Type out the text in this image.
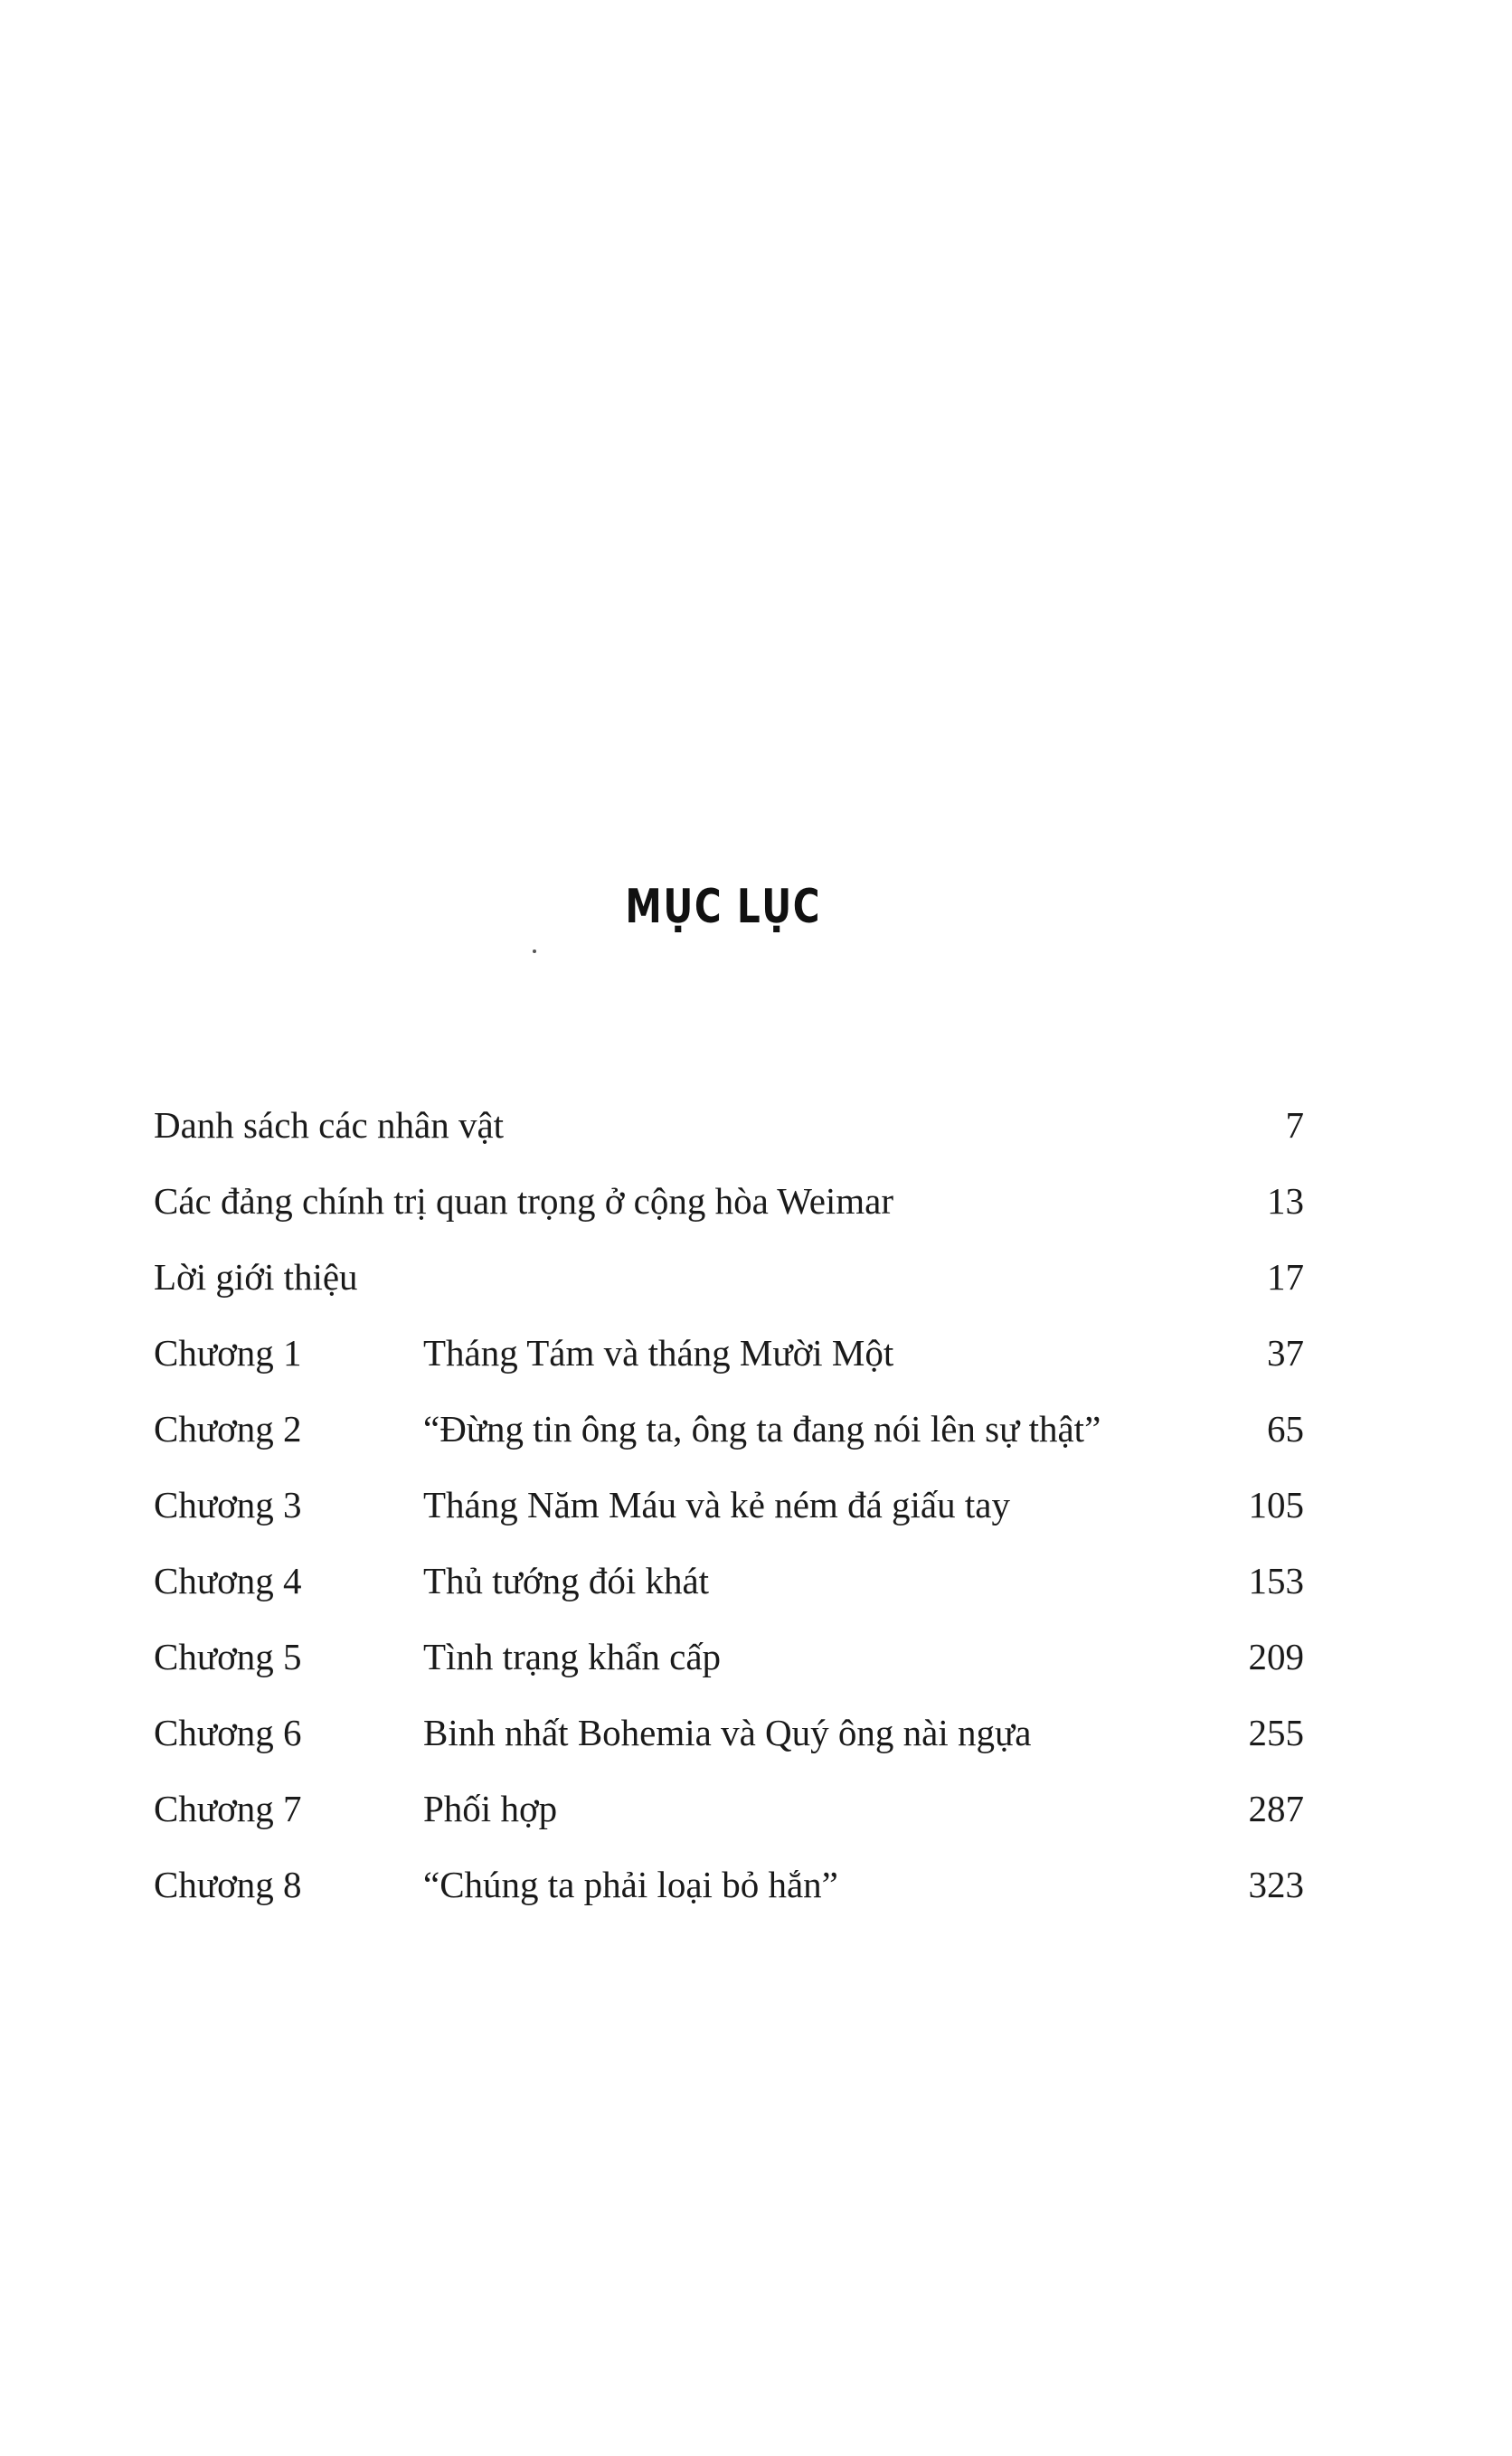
MỤC LỤC
Danh sách các nhân vật	7
Các đảng chính trị quan trọng ở cộng hòa Weimar	13
Lời giới thiệu	17
Chương 1	Tháng Tám và tháng Mười Một	37
Chương 2	“Đừng tin ông ta, ông ta đang nói lên sự thật”	65
Chương 3	Tháng Năm Máu và kẻ ném đá giấu tay	105
Chương 4	Thủ tướng đói khát	153
Chương 5	Tình trạng khẩn cấp	209
Chương 6	Binh nhất Bohemia và Quý ông nài ngựa	255
Chương 7	Phối hợp	287
Chương 8	“Chúng ta phải loại bỏ hắn”	323
